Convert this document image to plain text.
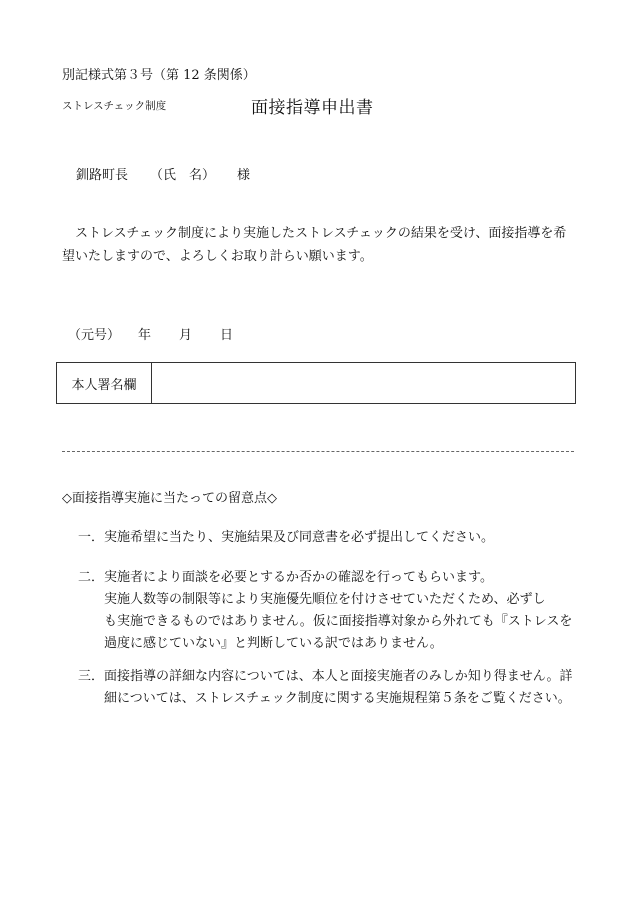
別記様式第３号（第 12 条関係）
ストレスチェック制度	面接指導申出書
釧路町長 （氏　名） 様
ストレスチェック制度により実施したストレスチェックの結果を受け、面接指導を希
望いたしますので、よろしくお取り計らい願います。
（元号） 年 月 日
本人署名欄
◇面接指導実施に当たっての留意点◇
一． 実施希望に当たり、実施結果及び同意書を必ず提出してください。
二． 実施者により面談を必要とするか否かの確認を行ってもらいます。
実施人数等の制限等により実施優先順位を付けさせていただくため、必ずし
も実施できるものではありません。仮に面接指導対象から外れても『ストレスを
過度に感じていない』と判断している訳ではありません。
三． 面接指導の詳細な内容については、本人と面接実施者のみしか知り得ません。詳
細については、ストレスチェック制度に関する実施規程第５条をご覧ください。
